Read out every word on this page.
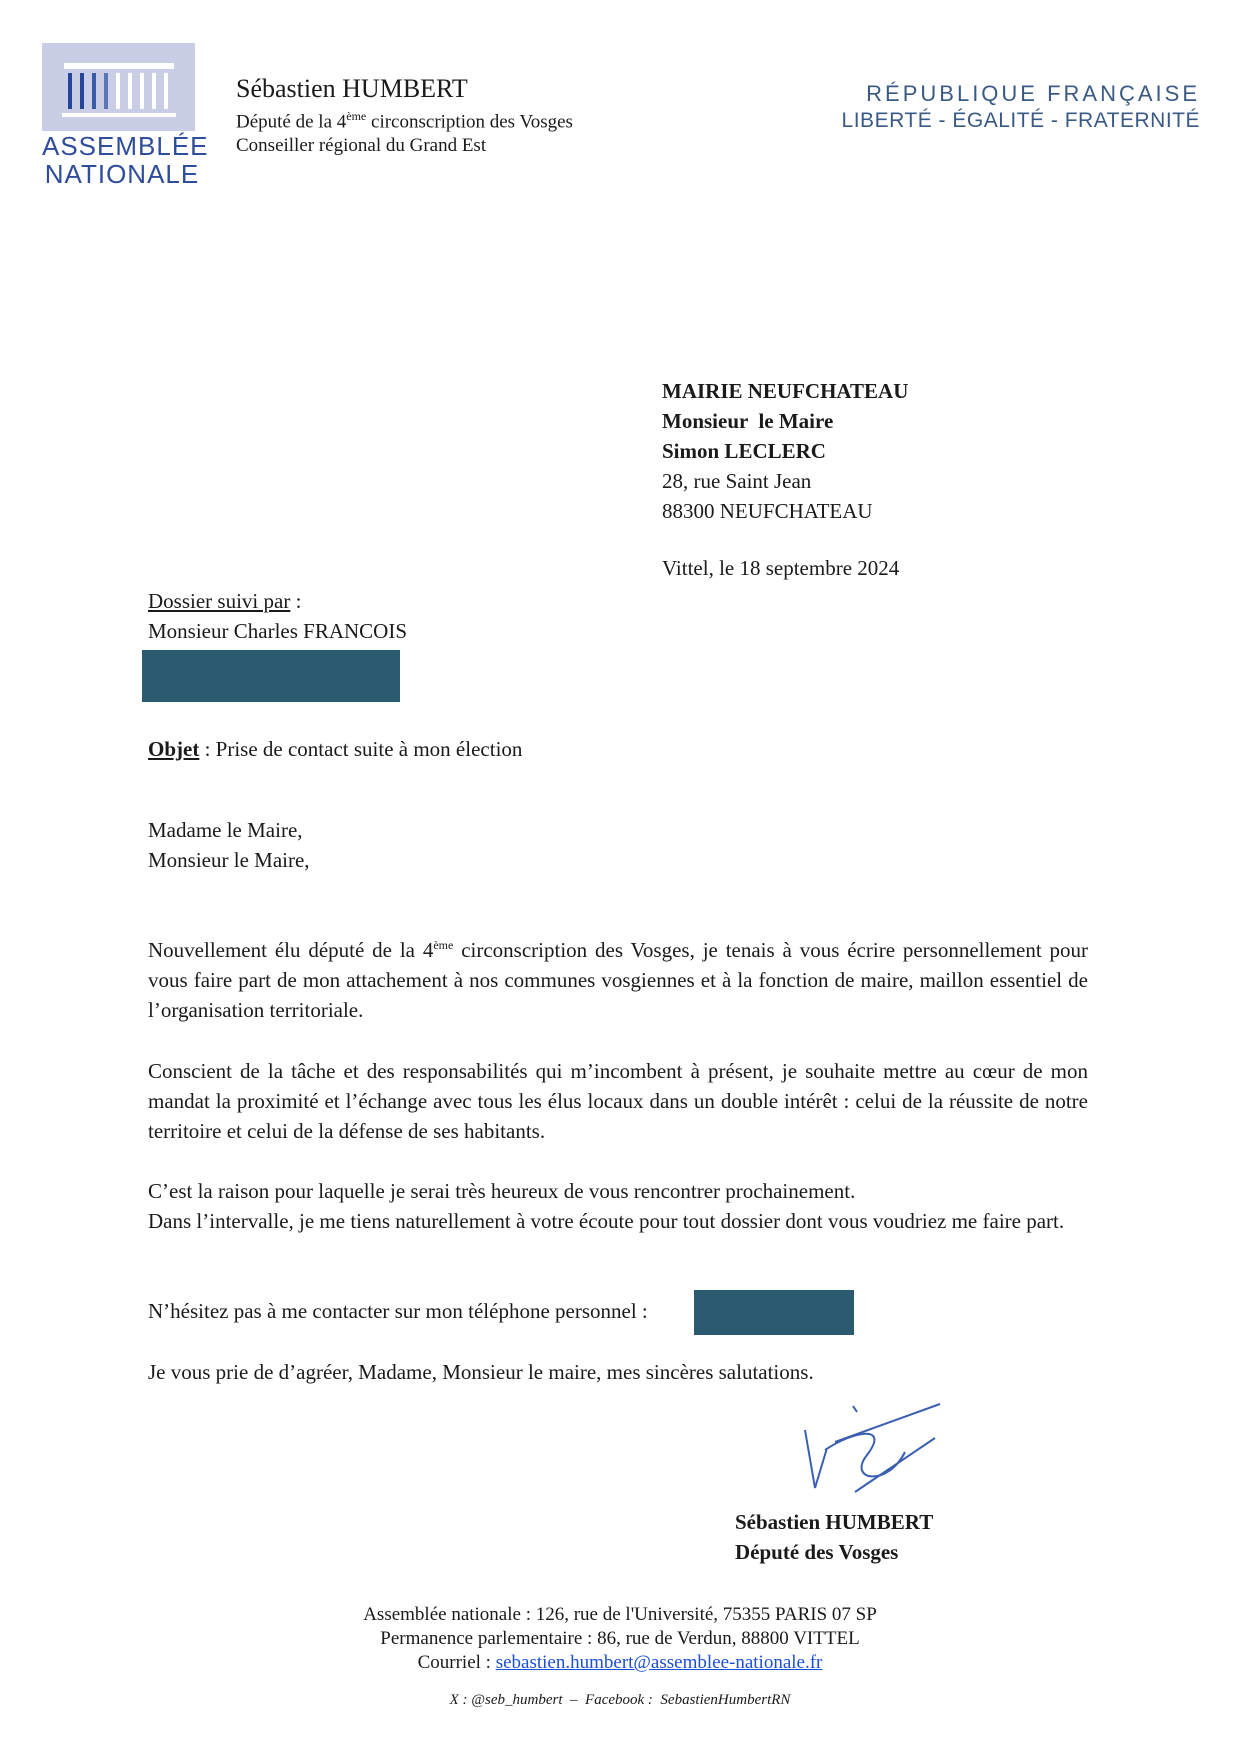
ASSEMBLÉE
NATIONALE
Sébastien HUMBERT
Député de la 4ème circonscription des Vosges
Conseiller régional du Grand Est
RÉPUBLIQUE FRANÇAISE
LIBERTÉ - ÉGALITÉ - FRATERNITÉ
MAIRIE NEUFCHATEAU
Monsieur  le Maire
Simon LECLERC
28, rue Saint Jean
88300 NEUFCHATEAU
Vittel, le 18 septembre 2024
Dossier suivi par :
Monsieur Charles FRANCOIS
Objet : Prise de contact suite à mon élection
Madame le Maire,
Monsieur le Maire,
Nouvellement élu député de la 4ème circonscription des Vosges, je tenais à vous écrire personnellement pour vous faire part de mon attachement à nos communes vosgiennes et à la fonction de maire, maillon essentiel de l’organisation territoriale.
Conscient de la tâche et des responsabilités qui m’incombent à présent, je souhaite mettre au cœur de mon mandat la proximité et l’échange avec tous les élus locaux dans un double intérêt : celui de la réussite de notre territoire et celui de la défense de ses habitants.
C’est la raison pour laquelle je serai très heureux de vous rencontrer prochainement.
Dans l’intervalle, je me tiens naturellement à votre écoute pour tout dossier dont vous voudriez me faire part.
N’hésitez pas à me contacter sur mon téléphone personnel :
Je vous prie de d’agréer, Madame, Monsieur le maire, mes sincères salutations.
Sébastien HUMBERT
Député des Vosges
Assemblée nationale : 126, rue de l'Université, 75355 PARIS 07 SP
Permanence parlementaire : 86, rue de Verdun, 88800 VITTEL
Courriel : sebastien.humbert@assemblee-nationale.fr
X : @seb_humbert  –  Facebook :  SebastienHumbertRN
